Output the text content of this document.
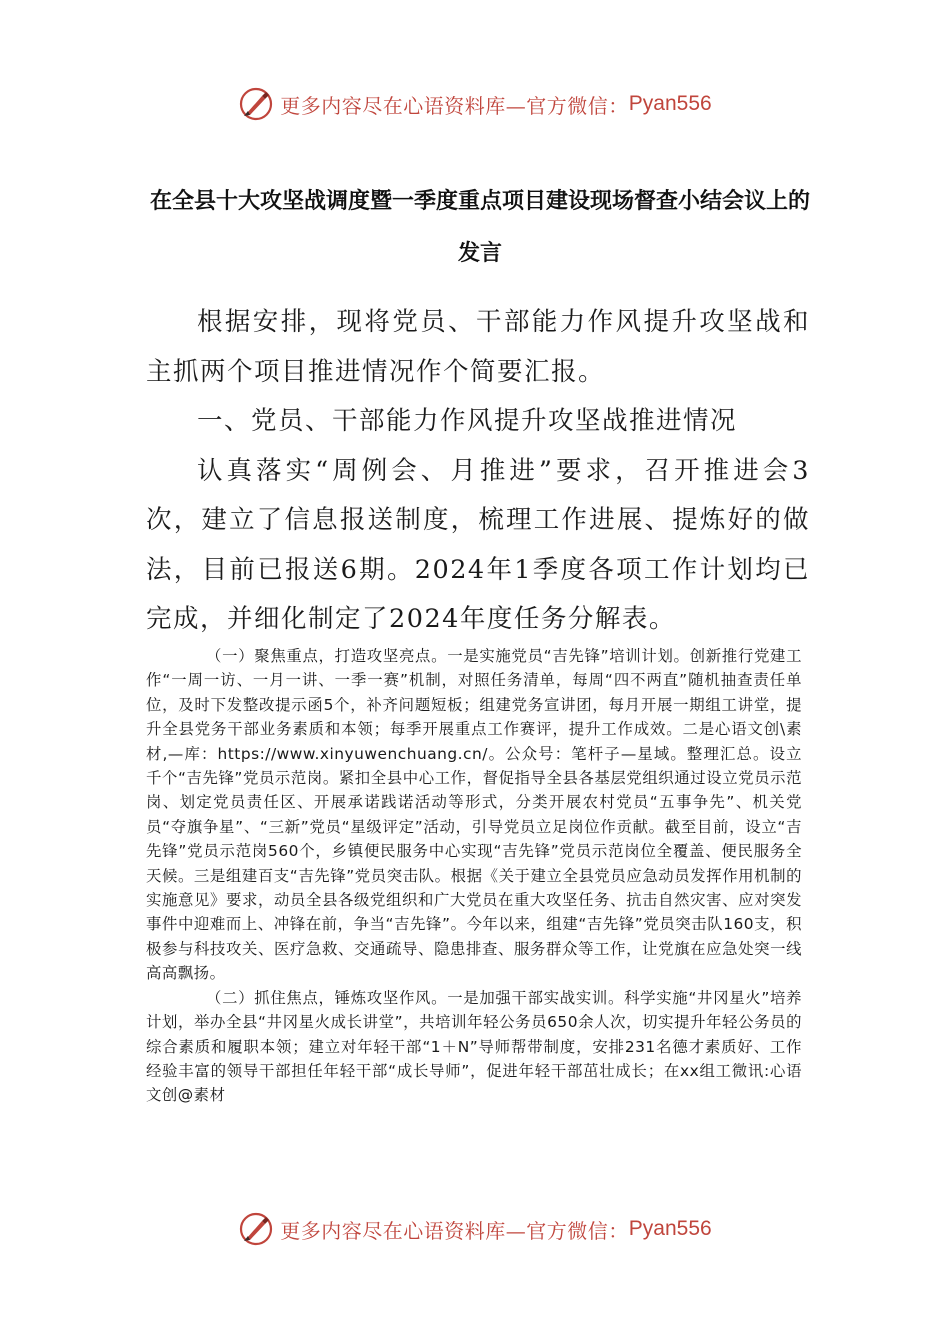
更多内容尽在心语资料库—官方微信： Pyan556
在全县十大攻坚战调度暨一季度重点项目建设现场督查小结会议上的发言

根据安排，现将党员、干部能力作风提升攻坚战和主抓两个项目推进情况作个简要汇报。

一、党员、干部能力作风提升攻坚战推进情况

认真落实“周例会、月推进”要求，召开推进会3次，建立了信息报送制度，梳理工作进展、提炼好的做法，目前已报送6期。2024年1季度各项工作计划均已完成，并细化制定了2024年度任务分解表。

（一）聚焦重点，打造攻坚亮点。一是实施党员“吉先锋”培训计划。创新推行党建工作“一周一访、一月一讲、一季一赛”机制，对照任务清单，每周“四不两直”随机抽查责任单位，及时下发整改提示函5个，补齐问题短板；组建党务宣讲团，每月开展一期组工讲堂，提升全县党务干部业务素质和本领；每季开展重点工作赛评，提升工作成效。二是心语文创\素材,—库：https://www.xinyuwenchuang.cn/。公众号：笔杆子—星域。整理汇总。设立千个“吉先锋”党员示范岗。紧扣全县中心工作，督促指导全县各基层党组织通过设立党员示范岗、划定党员责任区、开展承诺践诺活动等形式，分类开展农村党员“五事争先”、机关党员“夺旗争星”、“三新”党员“星级评定”活动，引导党员立足岗位作贡献。截至目前，设立“吉先锋”党员示范岗560个，乡镇便民服务中心实现“吉先锋”党员示范岗位全覆盖、便民服务全天候。三是组建百支“吉先锋”党员突击队。根据《关于建立全县党员应急动员发挥作用机制的实施意见》要求，动员全县各级党组织和广大党员在重大攻坚任务、抗击自然灾害、应对突发事件中迎难而上、冲锋在前，争当“吉先锋”。今年以来，组建“吉先锋”党员突击队160支，积极参与科技攻关、医疗急救、交通疏导、隐患排查、服务群众等工作，让党旗在应急处突一线高高飘扬。

（二）抓住焦点，锤炼攻坚作风。一是加强干部实战实训。科学实施“井冈星火”培养计划，举办全县“井冈星火成长讲堂”，共培训年轻公务员650余人次，切实提升年轻公务员的综合素质和履职本领；建立对年轻干部“1＋N”导师帮带制度，安排231名德才素质好、工作经验丰富的领导干部担任年轻干部“成长导师”，促进年轻干部茁壮成长；在xx组工微讯:心语文创@素材

更多内容尽在心语资料库—官方微信： Pyan556
